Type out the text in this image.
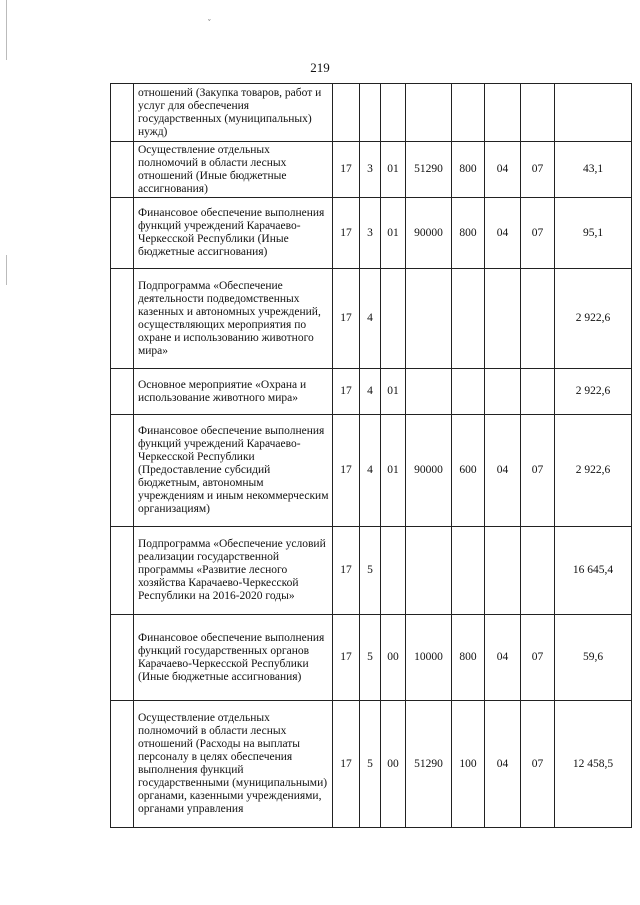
ˇ
219
	отношений (Закупка товаров, работ и услуг для обеспечения государственных (муниципальных) нужд)								
	Осуществление отдельных полномочий в области лесных отношений (Иные бюджетные ассигнования)	17	3	01	51290	800	04	07	43,1
	Финансовое обеспечение выполнения функций учреждений Карачаево-Черкесской Республики (Иные бюджетные ассигнования)	17	3	01	90000	800	04	07	95,1
	Подпрограмма «Обеспечение деятельности подведомственных казенных и автономных учреждений, осуществляющих мероприятия по охране и использованию животного мира»	17	4						2 922,6
	Основное мероприятие «Охрана и использование животного мира»	17	4	01					2 922,6
	Финансовое обеспечение выполнения функций учреждений Карачаево-Черкесской Республики (Предоставление субсидий бюджетным, автономным учреждениям и иным некоммерческим организациям)	17	4	01	90000	600	04	07	2 922,6
	Подпрограмма «Обеспечение условий реализации государственной программы «Развитие лесного хозяйства Карачаево-Черкесской Республики на 2016-2020 годы»	17	5						16 645,4
	Финансовое обеспечение выполнения функций государственных органов Карачаево-Черкесской Республики (Иные бюджетные ассигнования)	17	5	00	10000	800	04	07	59,6
	Осуществление отдельных полномочий в области лесных отношений (Расходы на выплаты персоналу в целях обеспечения выполнения функций государственными (муниципальными) органами, казенными учреждениями, органами управления	17	5	00	51290	100	04	07	12 458,5
